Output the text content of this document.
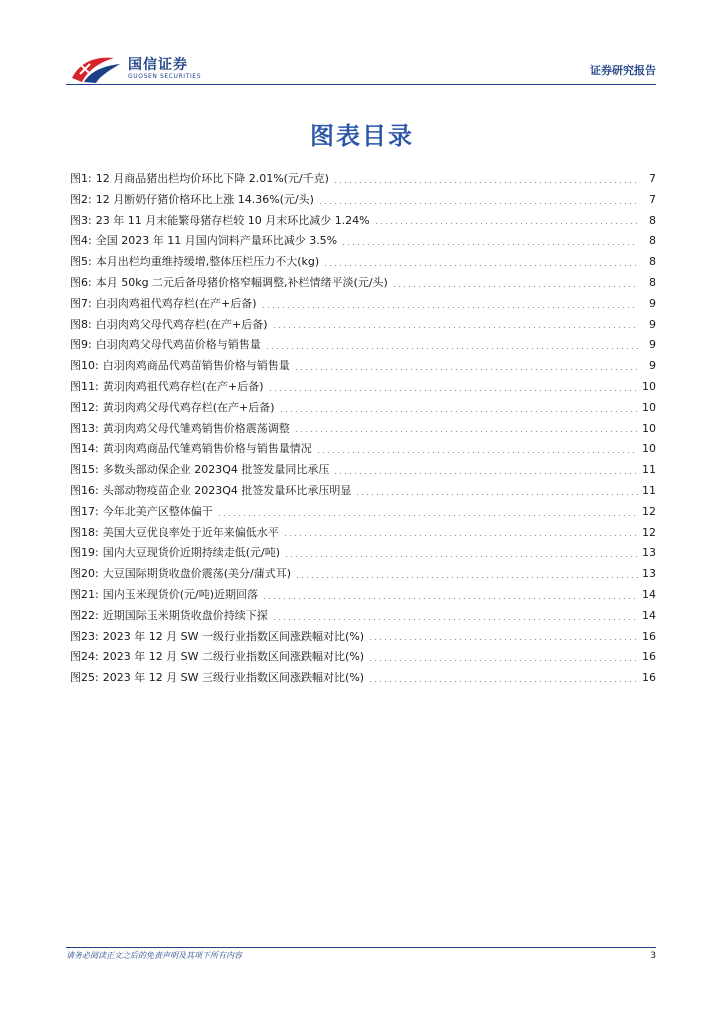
国信证券
GUOSEN SECURITIES	证券研究报告
图表目录
图1: 12 月商品猪出栏均价环比下降 2.01%(元/千克)	7
图2: 12 月断奶仔猪价格环比上涨 14.36%(元/头)	7
图3: 23 年 11 月末能繁母猪存栏较 10 月末环比减少 1.24%	8
图4: 全国 2023 年 11 月国内饲料产量环比减少 3.5%	8
图5: 本月出栏均重维持缓增,整体压栏压力不大(kg)	8
图6: 本月 50kg 二元后备母猪价格窄幅调整,补栏情绪平淡(元/头)	8
图7: 白羽肉鸡祖代鸡存栏(在产+后备)	9
图8: 白羽肉鸡父母代鸡存栏(在产+后备)	9
图9: 白羽肉鸡父母代鸡苗价格与销售量	9
图10: 白羽肉鸡商品代鸡苗销售价格与销售量	9
图11: 黄羽肉鸡祖代鸡存栏(在产+后备)	10
图12: 黄羽肉鸡父母代鸡存栏(在产+后备)	10
图13: 黄羽肉鸡父母代雏鸡销售价格震荡调整	10
图14: 黄羽肉鸡商品代雏鸡销售价格与销售量情况	10
图15: 多数头部动保企业 2023Q4 批签发量同比承压	11
图16: 头部动物疫苗企业 2023Q4 批签发量环比承压明显	11
图17: 今年北美产区整体偏干	12
图18: 美国大豆优良率处于近年来偏低水平	12
图19: 国内大豆现货价近期持续走低(元/吨)	13
图20: 大豆国际期货收盘价震荡(美分/蒲式耳)	13
图21: 国内玉米现货价(元/吨)近期回落	14
图22: 近期国际玉米期货收盘价持续下探	14
图23: 2023 年 12 月 SW 一级行业指数区间涨跌幅对比(%)	16
图24: 2023 年 12 月 SW 二级行业指数区间涨跌幅对比(%)	16
图25: 2023 年 12 月 SW 三级行业指数区间涨跌幅对比(%)	16
请务必阅读正文之后的免责声明及其项下所有内容	3
